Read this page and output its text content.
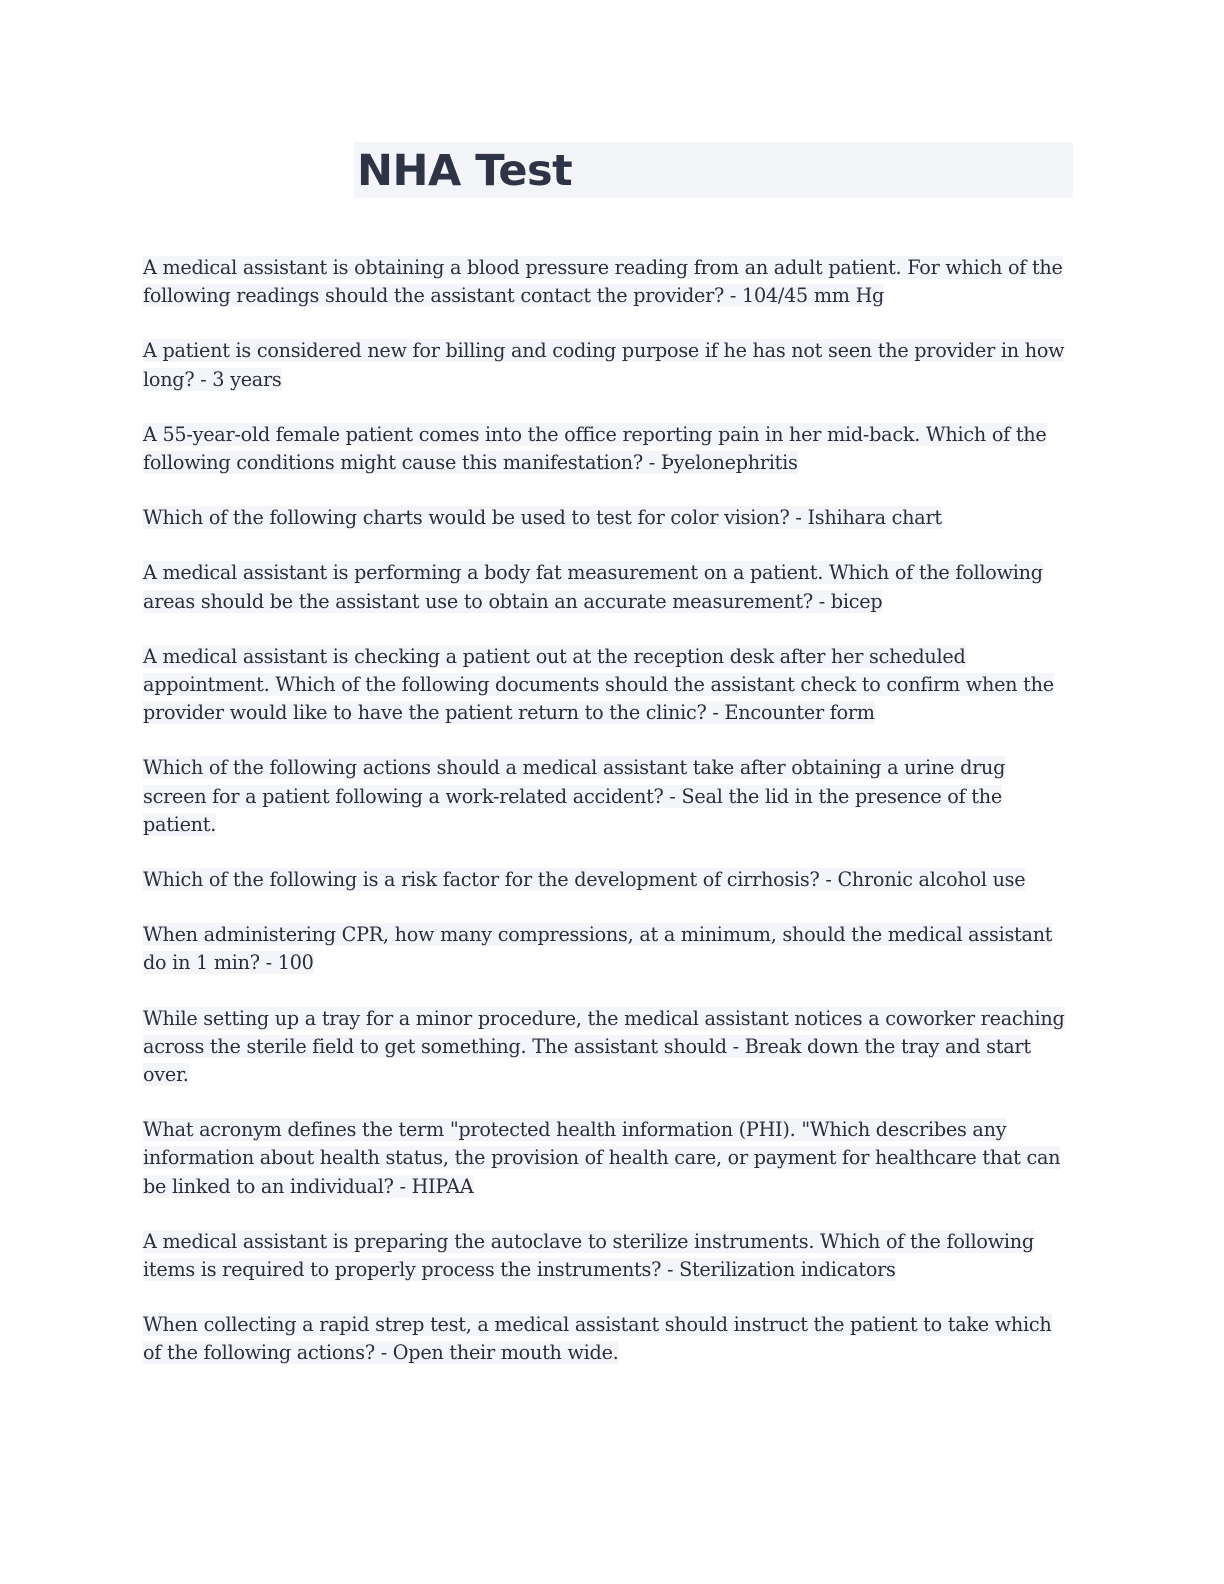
NHA Test

A medical assistant is obtaining a blood pressure reading from an adult patient. For which of the following readings should the assistant contact the provider? - 104/45 mm Hg

A patient is considered new for billing and coding purpose if he has not seen the provider in how long? - 3 years

A 55-year-old female patient comes into the office reporting pain in her mid-back. Which of the following conditions might cause this manifestation? - Þyelonephritis

Which of the following charts would be used to test for color vision? - Ishihara chart

A medical assistant is performing a body fat measurement on a patient. Which of the following areas should be the assistant use to obtain an accurate measurement? - bicep

A medical assistant is checking a patient out at the reception desk after her scheduled appointment. Which of the following documents should the assistant check to confirm when the provider would like to have the patient return to the clinic? - Encounter form

Which of the following actions should a medical assistant take after obtaining a urine drug screen for a patient following a work-related accident? - Seal the lid in the presence of the patient.

Which of the following is a risk factor for the development of cirrhosis? - Chronic alcohol use

When administering CPR, how many compressions, at a minimum, should the medical assistant do in 1 min? - 100

While setting up a tray for a minor procedure, the medical assistant notices a coworker reaching across the sterile field to get something. The assistant should - Break down the tray and start over.

What acronym defines the term "protected health information (PHI). "Which describes any information about health status, the provision of health care, or payment for healthcare that can be linked to an individual? - HIPAA

A medical assistant is preparing the autoclave to sterilize instruments. Which of the following items is required to properly process the instruments? - Sterilization indicators

When collecting a rapid strep test, a medical assistant should instruct the patient to take which of the following actions? - Open their mouth wide.
